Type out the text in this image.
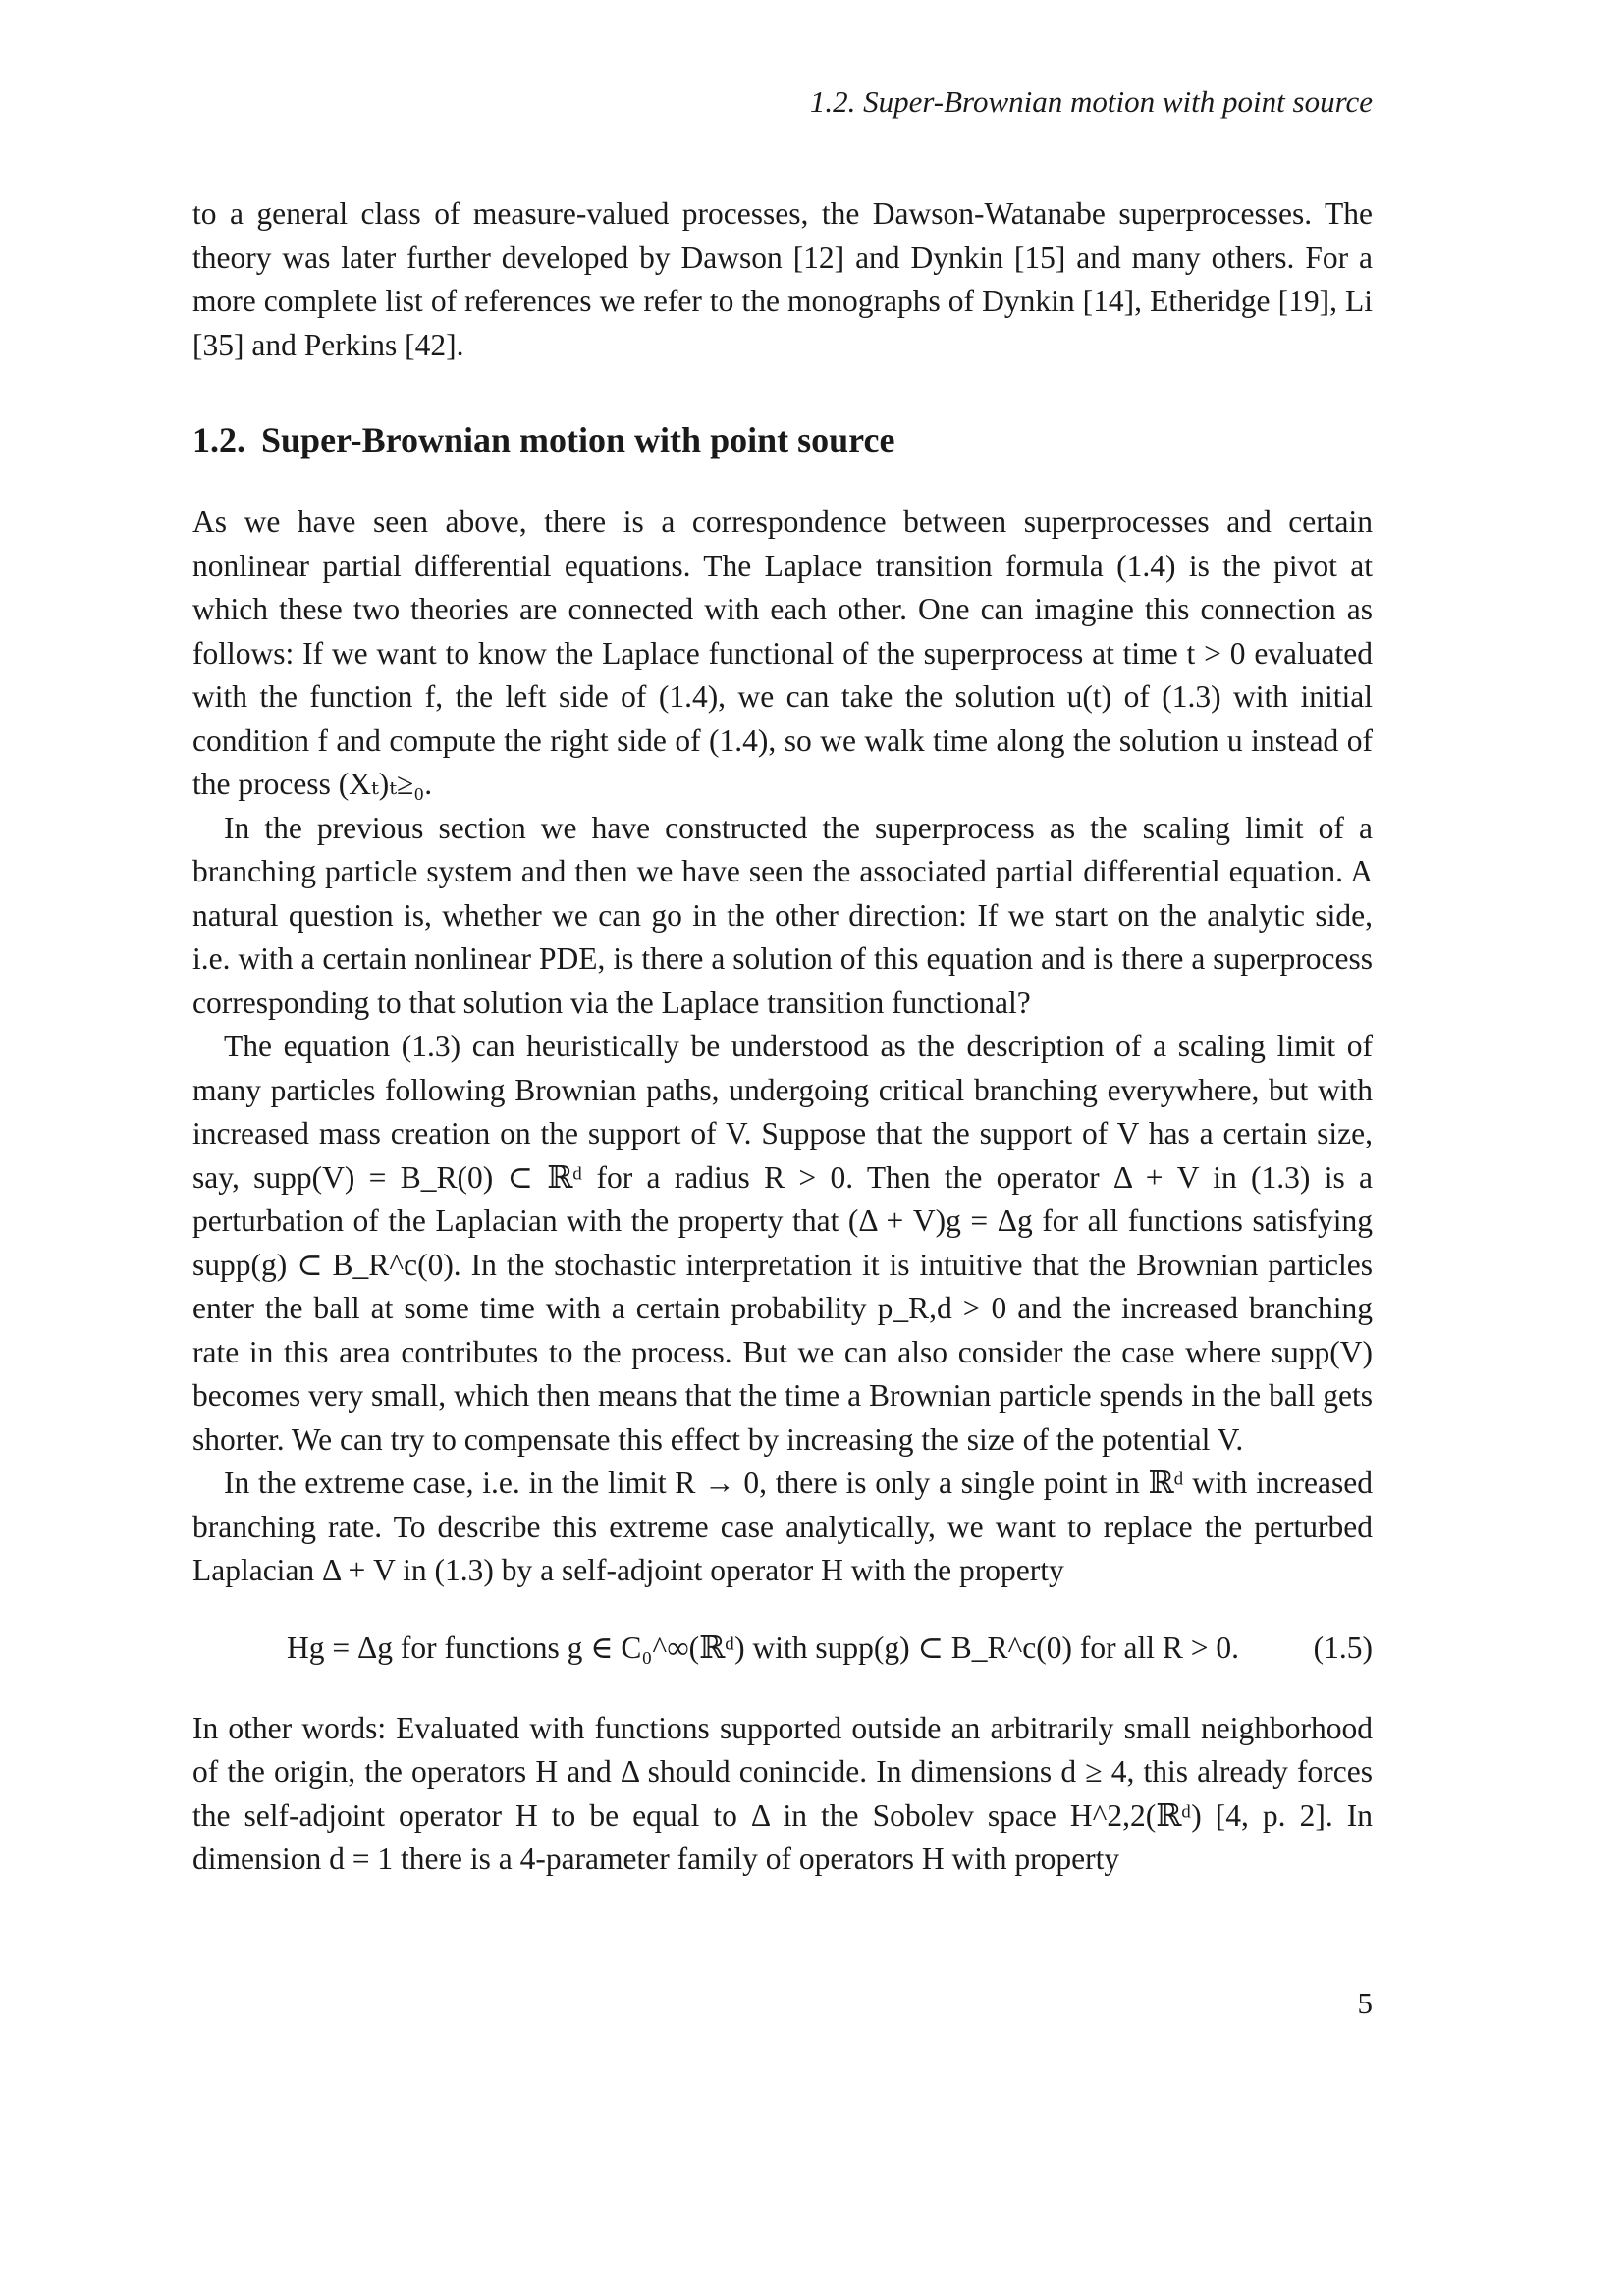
1.2. Super-Brownian motion with point source

to a general class of measure-valued processes, the Dawson-Watanabe superprocesses. The theory was later further developed by Dawson [12] and Dynkin [15] and many others. For a more complete list of references we refer to the monographs of Dynkin [14], Etheridge [19], Li [35] and Perkins [42].

1.2. Super-Brownian motion with point source

As we have seen above, there is a correspondence between superprocesses and certain nonlinear partial differential equations. The Laplace transition formula (1.4) is the pivot at which these two theories are connected with each other. One can imagine this connection as follows: If we want to know the Laplace functional of the superprocess at time t > 0 evaluated with the function f, the left side of (1.4), we can take the solution u(t) of (1.3) with initial condition f and compute the right side of (1.4), so we walk time along the solution u instead of the process (Xₜ)ₜ≥₀.

In the previous section we have constructed the superprocess as the scaling limit of a branching particle system and then we have seen the associated partial differential equation. A natural question is, whether we can go in the other direction: If we start on the analytic side, i.e. with a certain nonlinear PDE, is there a solution of this equation and is there a superprocess corresponding to that solution via the Laplace transition functional?

The equation (1.3) can heuristically be understood as the description of a scaling limit of many particles following Brownian paths, undergoing critical branching everywhere, but with increased mass creation on the support of V. Suppose that the support of V has a certain size, say, supp(V) = B_R(0) ⊂ ℝᵈ for a radius R > 0. Then the operator Δ + V in (1.3) is a perturbation of the Laplacian with the property that (Δ + V)g = Δg for all functions satisfying supp(g) ⊂ B_R^c(0). In the stochastic interpretation it is intuitive that the Brownian particles enter the ball at some time with a certain probability p_R,d > 0 and the increased branching rate in this area contributes to the process. But we can also consider the case where supp(V) becomes very small, which then means that the time a Brownian particle spends in the ball gets shorter. We can try to compensate this effect by increasing the size of the potential V.

In the extreme case, i.e. in the limit R → 0, there is only a single point in ℝᵈ with increased branching rate. To describe this extreme case analytically, we want to replace the perturbed Laplacian Δ + V in (1.3) by a self-adjoint operator H with the property

Hg = Δg for functions g ∈ C₀^∞(ℝᵈ) with supp(g) ⊂ B_R^c(0) for all R > 0. (1.5)

In other words: Evaluated with functions supported outside an arbitrarily small neighborhood of the origin, the operators H and Δ should conincide. In dimensions d ≥ 4, this already forces the self-adjoint operator H to be equal to Δ in the Sobolev space H^2,2(ℝᵈ) [4, p. 2]. In dimension d = 1 there is a 4-parameter family of operators H with property

5
